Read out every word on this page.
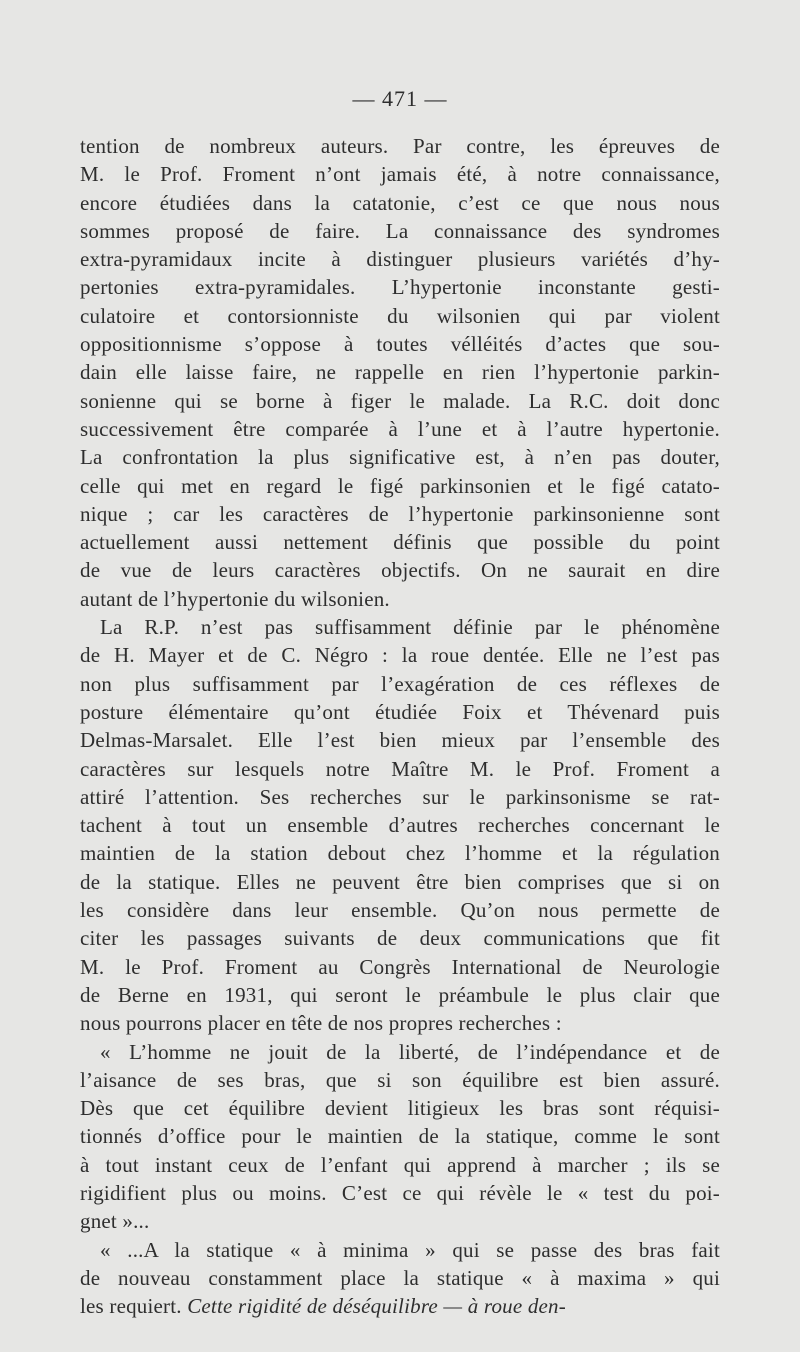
— 471 —
tention de nombreux auteurs. Par contre, les épreuves de
M. le Prof. Froment n’ont jamais été, à notre connaissance,
encore étudiées dans la catatonie, c’est ce que nous nous
sommes proposé de faire. La connaissance des syndromes
extra-pyramidaux incite à distinguer plusieurs variétés d’hy-
pertonies extra-pyramidales. L’hypertonie inconstante gesti-
culatoire et contorsionniste du wilsonien qui par violent
oppositionnisme s’oppose à toutes vélléités d’actes que sou-
dain elle laisse faire, ne rappelle en rien l’hypertonie parkin-
sonienne qui se borne à figer le malade. La R.C. doit donc
successivement être comparée à l’une et à l’autre hypertonie.
La confrontation la plus significative est, à n’en pas douter,
celle qui met en regard le figé parkinsonien et le figé catato-
nique ; car les caractères de l’hypertonie parkinsonienne sont
actuellement aussi nettement définis que possible du point
de vue de leurs caractères objectifs. On ne saurait en dire
autant de l’hypertonie du wilsonien.
La R.P. n’est pas suffisamment définie par le phénomène
de H. Mayer et de C. Négro : la roue dentée. Elle ne l’est pas
non plus suffisamment par l’exagération de ces réflexes de
posture élémentaire qu’ont étudiée Foix et Thévenard puis
Delmas-Marsalet. Elle l’est bien mieux par l’ensemble des
caractères sur lesquels notre Maître M. le Prof. Froment a
attiré l’attention. Ses recherches sur le parkinsonisme se rat-
tachent à tout un ensemble d’autres recherches concernant le
maintien de la station debout chez l’homme et la régulation
de la statique. Elles ne peuvent être bien comprises que si on
les considère dans leur ensemble. Qu’on nous permette de
citer les passages suivants de deux communications que fit
M. le Prof. Froment au Congrès International de Neurologie
de Berne en 1931, qui seront le préambule le plus clair que
nous pourrons placer en tête de nos propres recherches :
« L’homme ne jouit de la liberté, de l’indépendance et de
l’aisance de ses bras, que si son équilibre est bien assuré.
Dès que cet équilibre devient litigieux les bras sont réquisi-
tionnés d’office pour le maintien de la statique, comme le sont
à tout instant ceux de l’enfant qui apprend à marcher ; ils se
rigidifient plus ou moins. C’est ce qui révèle le « test du poi-
gnet »...
« ...A la statique « à minima » qui se passe des bras fait
de nouveau constamment place la statique « à maxima » qui
les requiert. Cette rigidité de déséquilibre — à roue den-
